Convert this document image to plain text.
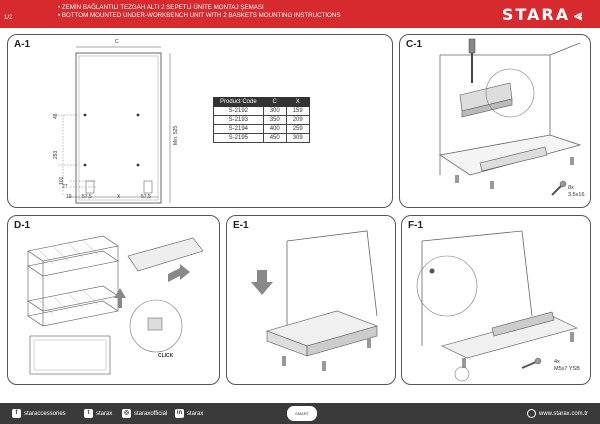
1/2
• ZEMİN BAĞLANTILI TEZGAH ALTI 2 SEPETLİ ÜNİTE MONTAJ ŞEMASI
• BOTTOM MOUNTED UNDER-WORKBENCH UNIT WITH 2 BASKETS MOUNTING INSTRUCTIONS	STARA ⪡
A-1	C
Min. 525
48
293
101
27
19 57,5	X	57,5
Product Code	C	X
S-2192	300	159
S-2193	350	209
S-2194	400	259
S-2195	450	309
C-1
8x
3.5x16
D-1
CLICK
E-1	F-1
4x
M5x7 YSB
f	staraccessories	t	starax	◎ staraxofficial	in starax	SMART	www.starax.com.tr
